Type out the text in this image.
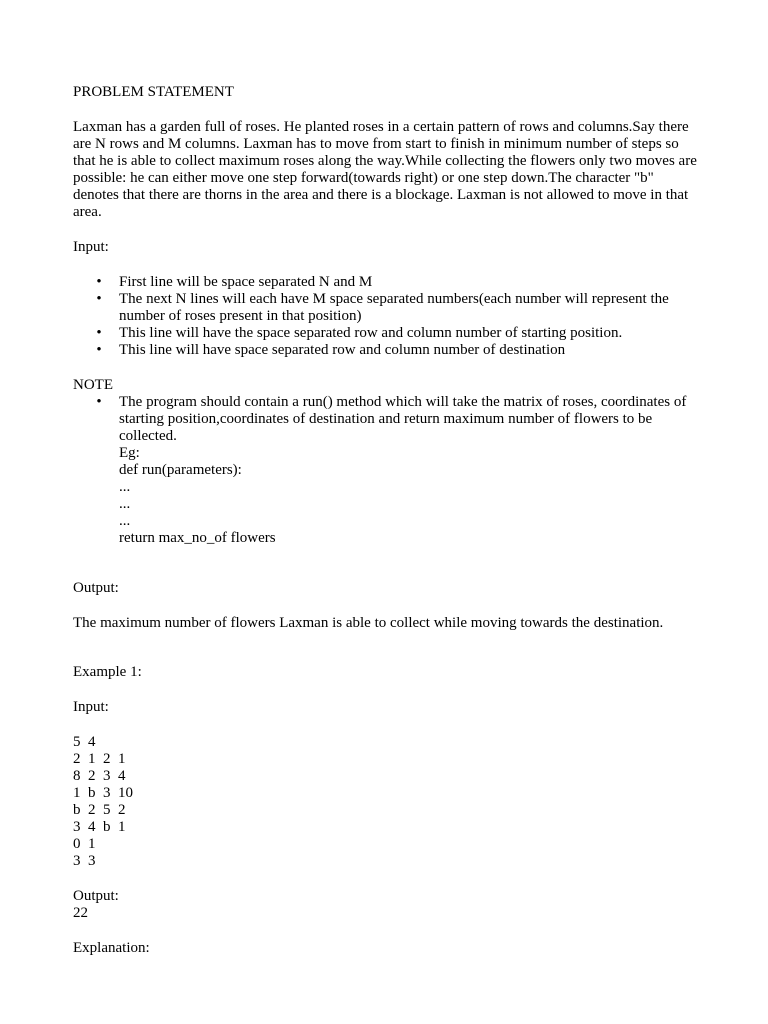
PROBLEM STATEMENT

Laxman has a garden full of roses. He planted roses in a certain pattern of rows and columns.Say there are N rows and M columns. Laxman has to move from start to finish in minimum number of steps so that he is able to collect maximum roses along the way.While collecting the flowers only two moves are possible: he can either move one step forward(towards right) or one step down.The character "b" denotes that there are thorns in the area and there is a blockage. Laxman is not allowed to move in that area.

Input:

• First line will be space separated N and M
• The next N lines will each have M space separated numbers(each number will represent the number of roses present in that position)
• This line will have the space separated row and column number of starting position.
• This line will have space separated row and column number of destination

NOTE

• The program should contain a run() method which will take the matrix of roses, coordinates of starting position,coordinates of destination and return maximum number of flowers to be collected.
Eg:
def run(parameters):
...
...
...
return max_no_of flowers

Output:

The maximum number of flowers Laxman is able to collect while moving towards the destination.

Example 1:

Input:

5  4
2  1  2  1
8  2  3  4
1  b  3  10
b  2  5  2
3  4  b  1
0  1
3  3

Output:

22

Explanation:
